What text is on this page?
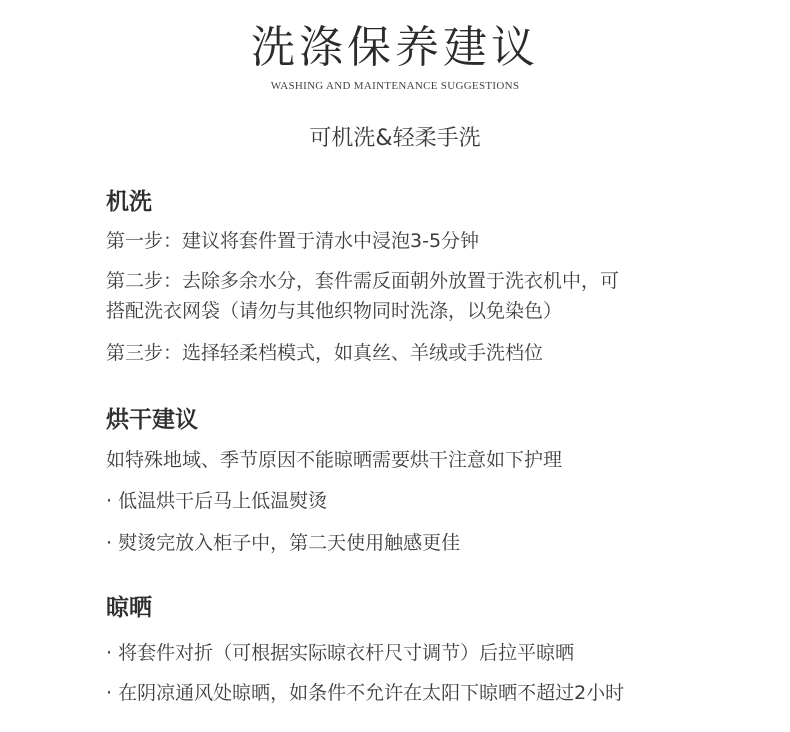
洗涤保养建议
WASHING AND MAINTENANCE SUGGESTIONS
可机洗&轻柔手洗
机洗
第一步：建议将套件置于清水中浸泡3-5分钟
第二步：去除多余水分，套件需反面朝外放置于洗衣机中，可
搭配洗衣网袋（请勿与其他织物同时洗涤，以免染色）
第三步：选择轻柔档模式，如真丝、羊绒或手洗档位
烘干建议
如特殊地域、季节原因不能晾晒需要烘干注意如下护理
· 低温烘干后马上低温熨烫
· 熨烫完放入柜子中，第二天使用触感更佳
晾晒
· 将套件对折（可根据实际晾衣杆尺寸调节）后拉平晾晒
· 在阴凉通风处晾晒，如条件不允许在太阳下晾晒不超过2小时
